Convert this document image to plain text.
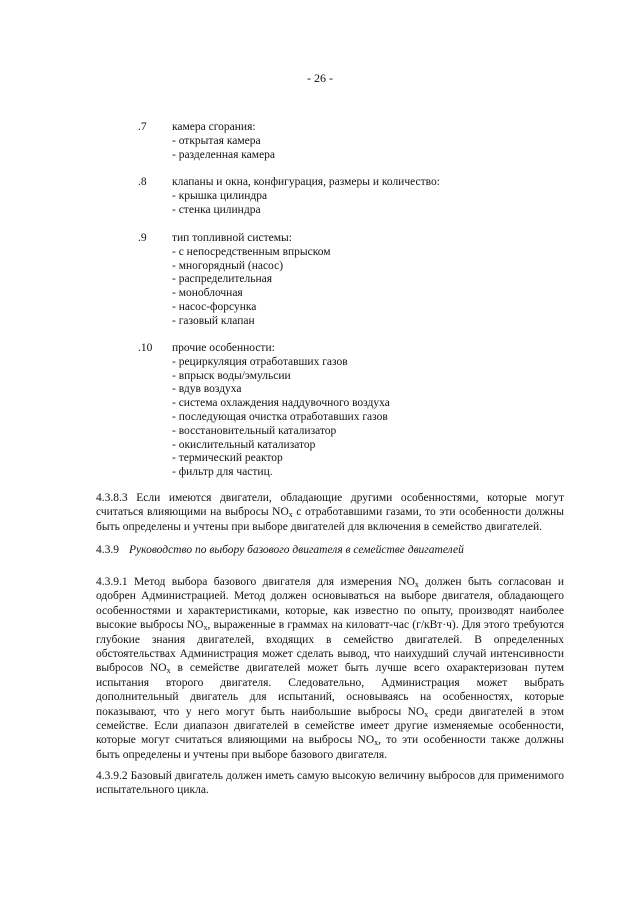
- 26 -
.7 камера сгорания:
- открытая камера
- разделенная камера
.8 клапаны и окна, конфигурация, размеры и количество:
- крышка цилиндра
- стенка цилиндра
.9 тип топливной системы:
- с непосредственным впрыском
- многорядный (насос)
- распределительная
- моноблочная
- насос-форсунка
- газовый клапан
.10 прочие особенности:
- рециркуляция отработавших газов
- впрыск воды/эмульсии
- вдув воздуха
- система охлаждения наддувочного воздуха
- последующая очистка отработавших газов
- восстановительный катализатор
- окислительный катализатор
- термический реактор
- фильтр для частиц.

4.3.8.3 Если имеются двигатели, обладающие другими особенностями, которые могут считаться влияющими на выбросы $NO_x$ с отработавшими газами, то эти особенности должны быть определены и учтены при выборе двигателей для включения в семейство двигателей.

4.3.9 Руководство по выбору базового двигателя в семействе двигателей

4.3.9.1 Метод выбора базового двигателя для измерения $NO_x$ должен быть согласован и одобрен Администрацией. Метод должен основываться на выборе двигателя, обладающего особенностями и характеристиками, которые, как известно по опыту, производят наиболее высокие выбросы $NO_x$, выраженные в граммах на киловатт-час (г/кВт·ч). Для этого требуются глубокие знания двигателей, входящих в семейство двигателей. В определенных обстоятельствах Администрация может сделать вывод, что наихудший случай интенсивности выбросов $NO_x$ в семействе двигателей может быть лучше всего охарактеризован путем испытания второго двигателя. Следовательно, Администрация может выбрать дополнительный двигатель для испытаний, основываясь на особенностях, которые показывают, что у него могут быть наибольшие выбросы $NO_x$ среди двигателей в этом семействе. Если диапазон двигателей в семействе имеет другие изменяемые особенности, которые могут считаться влияющими на выбросы $NO_x$, то эти особенности также должны быть определены и учтены при выборе базового двигателя.

4.3.9.2 Базовый двигатель должен иметь самую высокую величину выбросов для применимого испытательного цикла.
